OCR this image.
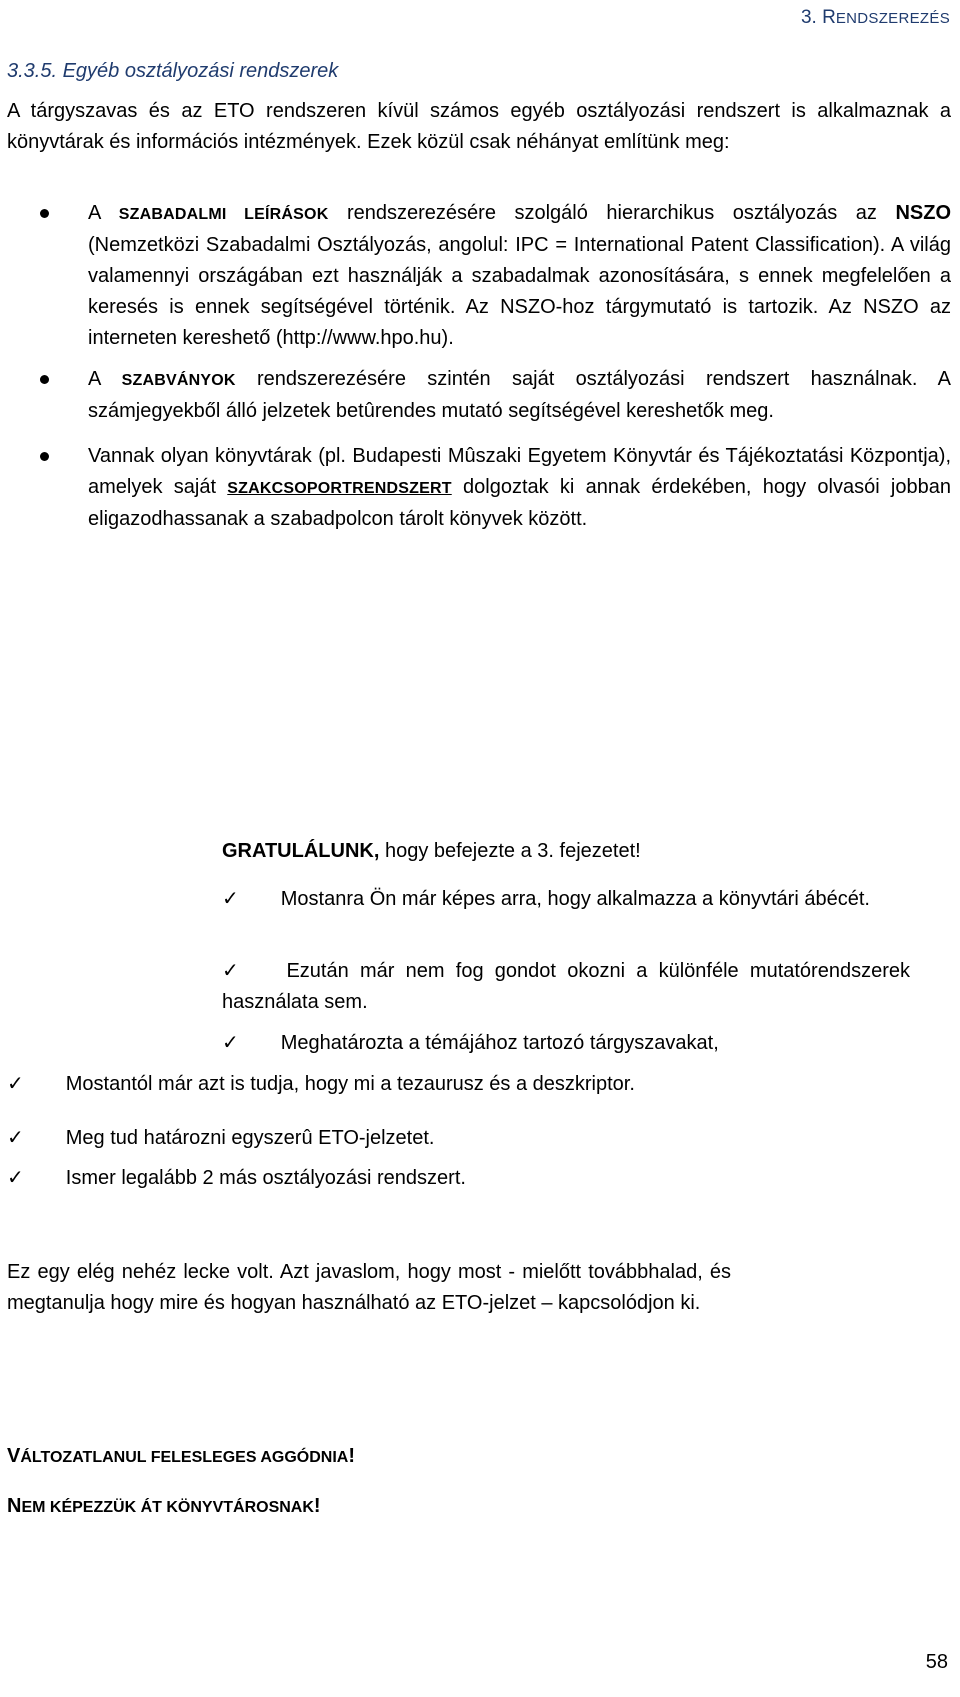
3. RENDSZEREZÉS
3.3.5. Egyéb osztályozási rendszerek
A tárgyszavas és az ETO rendszeren kívül számos egyéb osztályozási rendszert is alkalmaznak a könyvtárak és információs intézmények. Ezek közül csak néhányat említünk meg:
A SZABADALMI LEÍRÁSOK rendszerezésére szolgáló hierarchikus osztályozás az NSZO (Nemzetközi Szabadalmi Osztályozás, angolul: IPC = International Patent Classification). A világ valamennyi országában ezt használják a szabadalmak azonosítására, s ennek megfelelően a keresés is ennek segítségével történik. Az NSZO-hoz tárgymutató is tartozik. Az NSZO az interneten kereshető (http://www.hpo.hu).
A SZABVÁNYOK rendszerezésére szintén saját osztályozási rendszert használnak. A számjegyekből álló jelzetek betûrendes mutató segítségével kereshetők meg.
Vannak olyan könyvtárak (pl. Budapesti Mûszaki Egyetem Könyvtár és Tájékoztatási Központja), amelyek saját SZAKCSOPORTRENDSZERT dolgoztak ki annak érdekében, hogy olvasói jobban eligazodhassanak a szabadpolcon tárolt könyvek között.
GRATULÁLUNK, hogy befejezte a 3. fejezetet!
✓ Mostanra Ön már képes arra, hogy alkalmazza a könyvtári ábécét.
✓ Ezután már nem fog gondot okozni a különféle mutatórendszerek használata sem.
✓ Meghatározta a témájához tartozó tárgyszavakat,
✓ Mostantól már azt is tudja, hogy mi a tezaurusz és a deszkriptor.
✓ Meg tud határozni egyszerû ETO-jelzetet.
✓ Ismer legalább 2 más osztályozási rendszert.
Ez egy elég nehéz lecke volt. Azt javaslom, hogy most - mielőtt továbbhalad, és megtanulja hogy mire és hogyan használható az ETO-jelzet – kapcsolódjon ki.
VÁLTOZATLANUL FELESLEGES AGGÓDNIA!
NEM KÉPEZZÜK ÁT KÖNYVTÁROSNAK!
58
